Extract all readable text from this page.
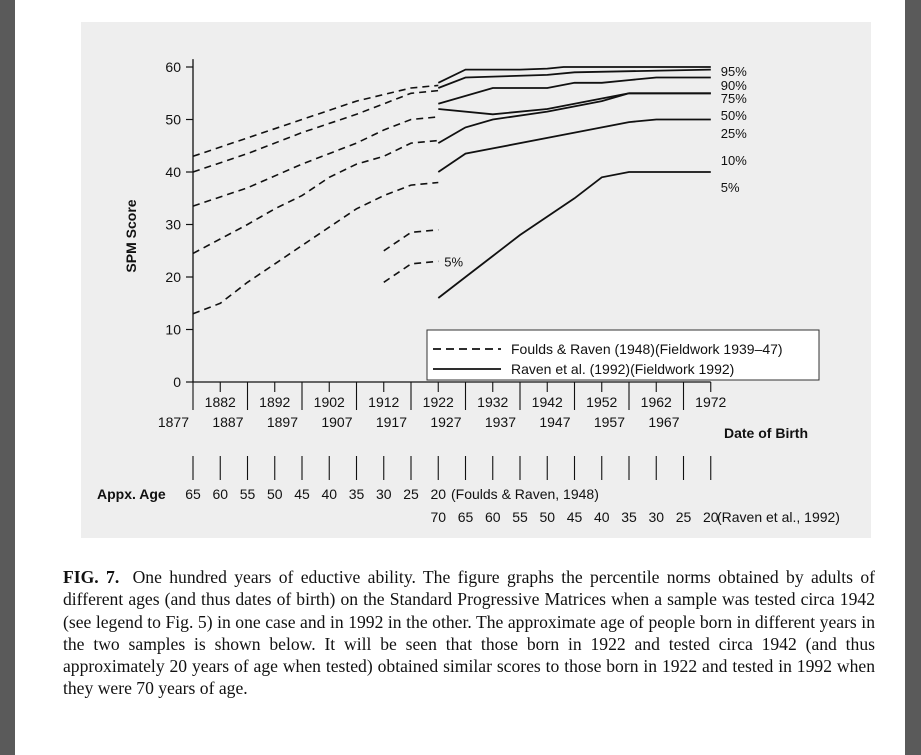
0
10
20
30
40
50
60
1877
1882
1887
1892
1897
1902
1907
1912
1917
1922
1927
1932
1937
1942
1947
1952
1957
1962
1967
1972
65 60 55 50 45 40 35 30 25 20
70 65 60 55 50 45 40 35 30 25 20
95%
90%
75%
50%
25%
10%
5%
5%
Foulds & Raven (1948)(Fieldwork 1939–47)
Raven et al. (1992)(Fieldwork 1992)
SPM Score
Date of Birth
Appx. Age	(Foulds & Raven, 1948)
(Raven et al., 1992)
FIG. 7. One hundred years of eductive ability. The figure graphs the percentile norms obtained by adults of different ages (and thus dates of birth) on the Standard Progressive Matrices when a sample was tested circa 1942 (see legend to Fig. 5) in one case and in 1992 in the other. The approximate age of people born in different years in the two samples is shown below. It will be seen that those born in 1922 and tested circa 1942 (and thus approximately 20 years of age when tested) obtained similar scores to those born in 1922 and tested in 1992 when they were 70 years of age.
